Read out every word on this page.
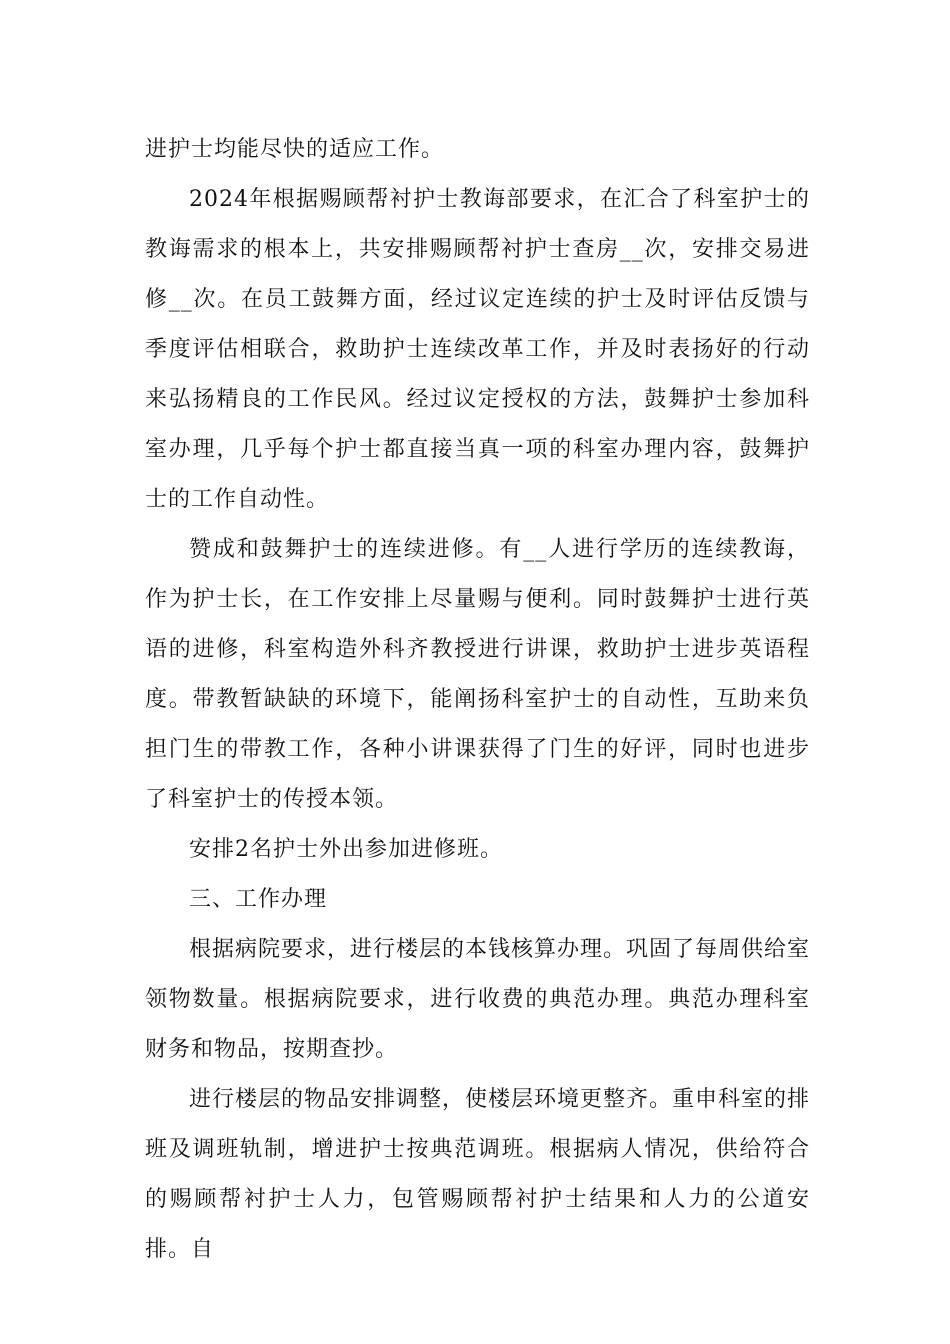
进护士均能尽快的适应工作。

2024年根据赐顾帮衬护士教诲部要求，在汇合了科室护士的教诲需求的根本上，共安排赐顾帮衬护士查房__次，安排交易进修__次。在员工鼓舞方面，经过议定连续的护士及时评估反馈与季度评估相联合，救助护士连续改革工作，并及时表扬好的行动来弘扬精良的工作民风。经过议定授权的方法，鼓舞护士参加科室办理，几乎每个护士都直接当真一项的科室办理内容，鼓舞护士的工作自动性。

赞成和鼓舞护士的连续进修。有__人进行学历的连续教诲，作为护士长，在工作安排上尽量赐与便利。同时鼓舞护士进行英语的进修，科室构造外科齐教授进行讲课，救助护士进步英语程度。带教暂缺缺的环境下，能阐扬科室护士的自动性，互助来负担门生的带教工作，各种小讲课获得了门生的好评，同时也进步了科室护士的传授本领。

安排2名护士外出参加进修班。

三、工作办理

根据病院要求，进行楼层的本钱核算办理。巩固了每周供给室领物数量。根据病院要求，进行收费的典范办理。典范办理科室财务和物品，按期查抄。

进行楼层的物品安排调整，使楼层环境更整齐。重申科室的排班及调班轨制，增进护士按典范调班。根据病人情况，供给符合的赐顾帮衬护士人力，包管赐顾帮衬护士结果和人力的公道安排。自
